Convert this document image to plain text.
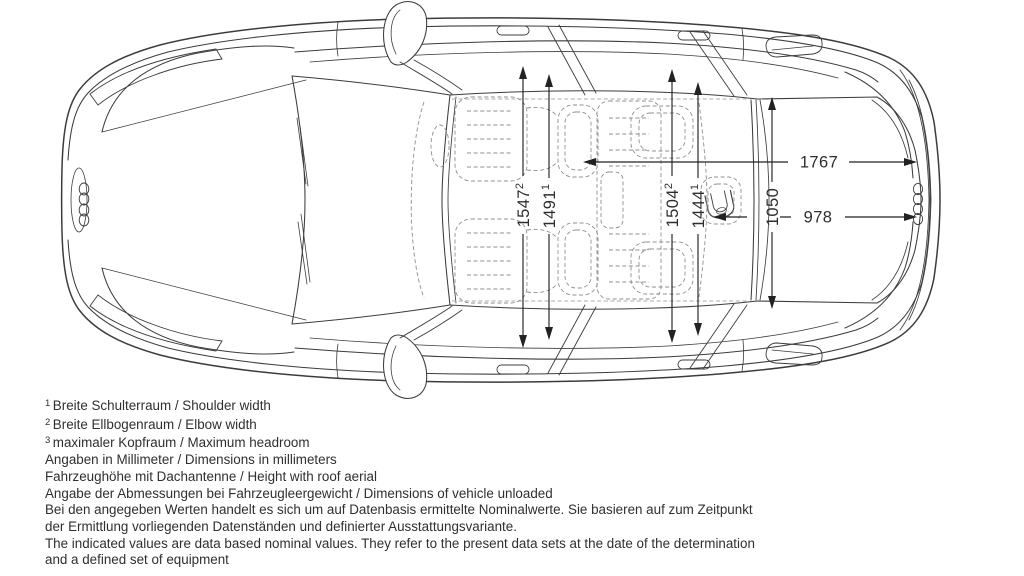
1547$^2$
1491$^1$
1504$^2$
1444$^1$
1050
1767
978
$^1$ Breite Schulterraum / Shoulder width
$^2$ Breite Ellbogenraum / Elbow width
$^3$ maximaler Kopfraum / Maximum headroom
Angaben in Millimeter / Dimensions in millimeters
Fahrzeughöhe mit Dachantenne / Height with roof aerial
Angabe der Abmessungen bei Fahrzeugleergewicht / Dimensions of vehicle unloaded
Bei den angegeben Werten handelt es sich um auf Datenbasis ermittelte Nominalwerte. Sie basieren auf zum Zeitpunkt
der Ermittlung vorliegenden Datenständen und definierter Ausstattungsvariante.
The indicated values are data based nominal values. They refer to the present data sets at the date of the determination
and a defined set of equipment
